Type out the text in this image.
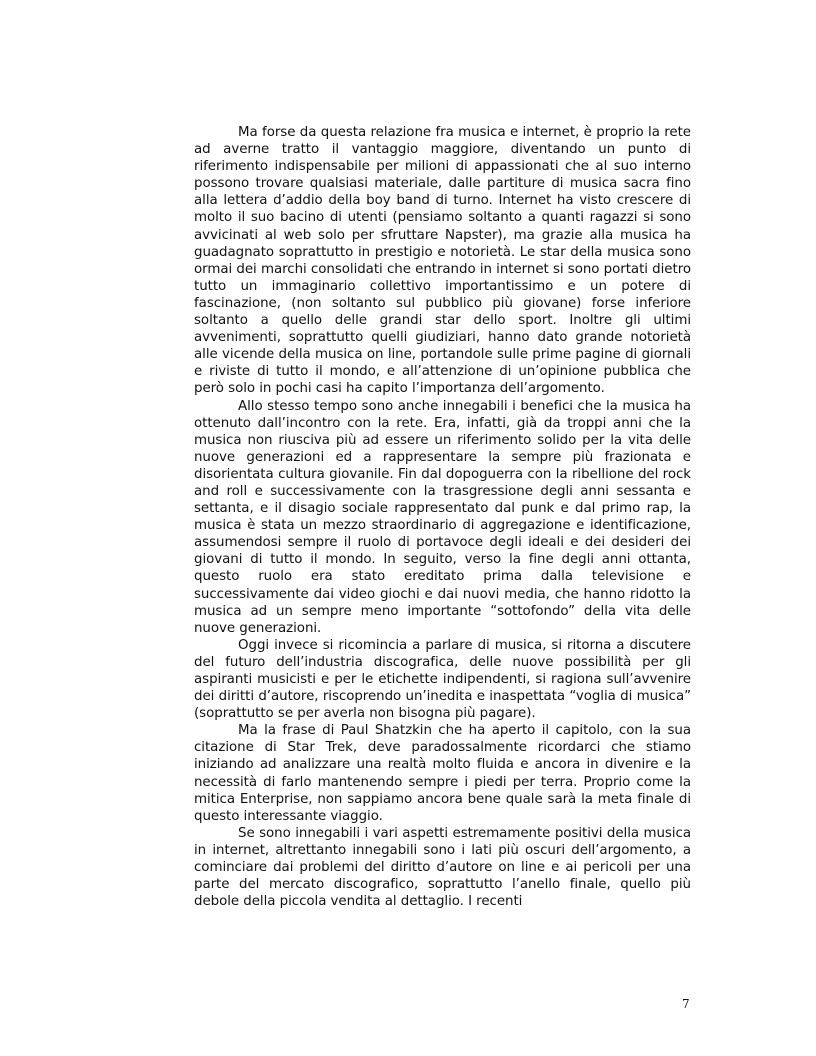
Ma forse da questa relazione fra musica e internet, è proprio la rete ad averne tratto il vantaggio maggiore, diventando un punto di riferimento indispensabile per milioni di appassionati che al suo interno possono trovare qualsiasi materiale, dalle partiture di musica sacra fino alla lettera d’addio della boy band di turno. Internet ha visto crescere di molto il suo bacino di utenti (pensiamo soltanto a quanti ragazzi si sono avvicinati al web solo per sfruttare Napster), ma grazie alla musica ha guadagnato soprattutto in prestigio e notorietà. Le star della musica sono ormai dei marchi consolidati che entrando in internet si sono portati dietro tutto un immaginario collettivo importantissimo e un potere di fascinazione, (non soltanto sul pubblico più giovane) forse inferiore soltanto a quello delle grandi star dello sport. Inoltre gli ultimi avvenimenti, soprattutto quelli giudiziari, hanno dato grande notorietà alle vicende della musica on line, portandole sulle prime pagine di giornali e riviste di tutto il mondo, e all’attenzione di un’opinione pubblica che però solo in pochi casi ha capito l’importanza dell’argomento.

Allo stesso tempo sono anche innegabili i benefici che la musica ha ottenuto dall’incontro con la rete. Era, infatti, già da troppi anni che la musica non riusciva più ad essere un riferimento solido per la vita delle nuove generazioni ed a rappresentare la sempre più frazionata e disorientata cultura giovanile. Fin dal dopoguerra con la ribellione del rock and roll e successivamente con la trasgressione degli anni sessanta e settanta, e il disagio sociale rappresentato dal punk e dal primo rap, la musica è stata un mezzo straordinario di aggregazione e identificazione, assumendosi sempre il ruolo di portavoce degli ideali e dei desideri dei giovani di tutto il mondo. In seguito, verso la fine degli anni ottanta, questo ruolo era stato ereditato prima dalla televisione e successivamente dai video giochi e dai nuovi media, che hanno ridotto la musica ad un sempre meno importante “sottofondo” della vita delle nuove generazioni.

Oggi invece si ricomincia a parlare di musica, si ritorna a discutere del futuro dell’industria discografica, delle nuove possibilità per gli aspiranti musicisti e per le etichette indipendenti, si ragiona sull’avvenire dei diritti d’autore, riscoprendo un’inedita e inaspettata “voglia di musica” (soprattutto se per averla non bisogna più pagare).

Ma la frase di Paul Shatzkin che ha aperto il capitolo, con la sua citazione di Star Trek, deve paradossalmente ricordarci che stiamo iniziando ad analizzare una realtà molto fluida e ancora in divenire e la necessità di farlo mantenendo sempre i piedi per terra. Proprio come la mitica Enterprise, non sappiamo ancora bene quale sarà la meta finale di questo interessante viaggio.

Se sono innegabili i vari aspetti estremamente positivi della musica in internet, altrettanto innegabili sono i lati più oscuri dell’argomento, a cominciare dai problemi del diritto d’autore on line e ai pericoli per una parte del mercato discografico, soprattutto l’anello finale, quello più debole della piccola vendita al dettaglio. I recenti

7
